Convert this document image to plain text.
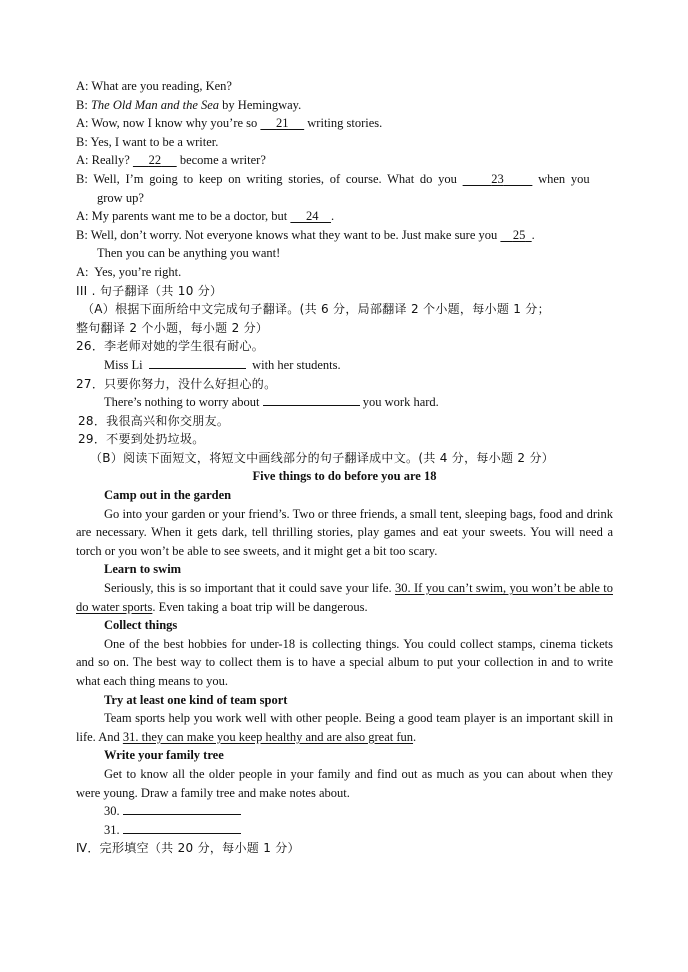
A: What are you reading, Ken?
B: The Old Man and the Sea by Hemingway.
A: Wow, now I know why you’re so      21      writing stories.
B: Yes, I want to be a writer.
A: Really?      22      become a writer?
B: Well, I’m going to keep on writing stories, of course. What do you      23      when you
grow up?
A: My parents want me to be a doctor, but      24 .
B: Well, don’t worry. Not everyone knows what they want to be. Just make sure you     25 .
Then you can be anything you want!
A: Yes, you’re right.
III . 句子翻译（共 10 分）
（A）根据下面所给中文完成句子翻译。(共 6 分，局部翻译 2 个小题，每小题 1 分；
整句翻译 2 个小题，每小题 2 分）
26．李老师对她的学生很有耐心。
Miss Li	with her students.
27．只要你努力，没什么好担心的。
There’s nothing to worry about	you work hard.
28．我很高兴和你交朋友。
29．不要到处扔垃圾。
（B）阅读下面短文，将短文中画线部分的句子翻译成中文。(共 4 分，每小题 2 分）
Five things to do before you are 18
Camp out in the garden
Go into your garden or your friend’s. Two or three friends, a small tent, sleeping bags, food and drink are necessary. When it gets dark, tell thrilling stories, play games and eat your sweets. You will need a torch or you won’t be able to see sweets, and it might get a bit too scary.
Learn to swim
Seriously, this is so important that it could save your life. 30. If you can’t swim, you won’t be able to do water sports. Even taking a boat trip will be dangerous.
Collect things
One of the best hobbies for under-18 is collecting things. You could collect stamps, cinema tickets and so on. The best way to collect them is to have a special album to put your collection in and to write what each thing means to you.
Try at least one kind of team sport
Team sports help you work well with other people. Being a good team player is an important skill in life. And 31. they can make you keep healthy and are also great fun.
Write your family tree
Get to know all the older people in your family and find out as much as you can about when they were young. Draw a family tree and make notes about.
30.
31.
Ⅳ．完形填空（共 20 分，每小题 1 分）
